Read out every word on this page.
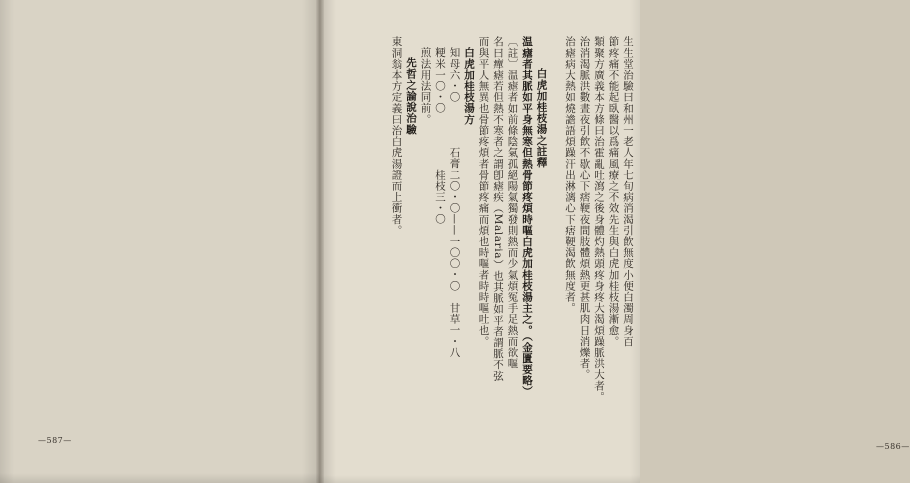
—587—
生生堂治驗曰和州一老人年七旬病消渴引飲無度小便白濁周身百
節疼痛不能起臥醫以爲痛風療之不效先生與白虎加桂枝湯漸愈。
類聚方廣義本方條曰治霍亂吐瀉之後身體灼熱頭疼身疼大渴煩躁脈洪大者。
治消渴脈洪數晝夜引飲不歇心下痞鞕夜間肢體煩熱更甚肌肉日消爍者。
治瘧病大熱如燒譫語煩躁汗出淋漓心下痞鞕渴飲無度者。
白虎加桂枝湯之註釋
温瘧者其脈如平身無寒但熱骨節疼煩時嘔白虎加桂枝湯主之。（金匱要略）
〔註〕温瘧者如前條陰氣孤絕陽氣獨發則熱而少氣煩冤手足熱而欲嘔
名曰癉瘧若但熱不寒者之謂卽瘧疾（Malaria）也其脈如平者謂脈不弦
而與平人無異也骨節疼煩者骨節疼痛而煩也時嘔者時時嘔吐也。
白虎加桂枝湯方
知母六・〇　　　　石膏二〇・〇——一〇〇・〇　甘草一・八
粳米一〇・〇　　　　　桂枝三・〇
煎法用法同前。
先哲之論說治驗
東洞翁本方定義曰治白虎湯證而上衝者。
—586—
